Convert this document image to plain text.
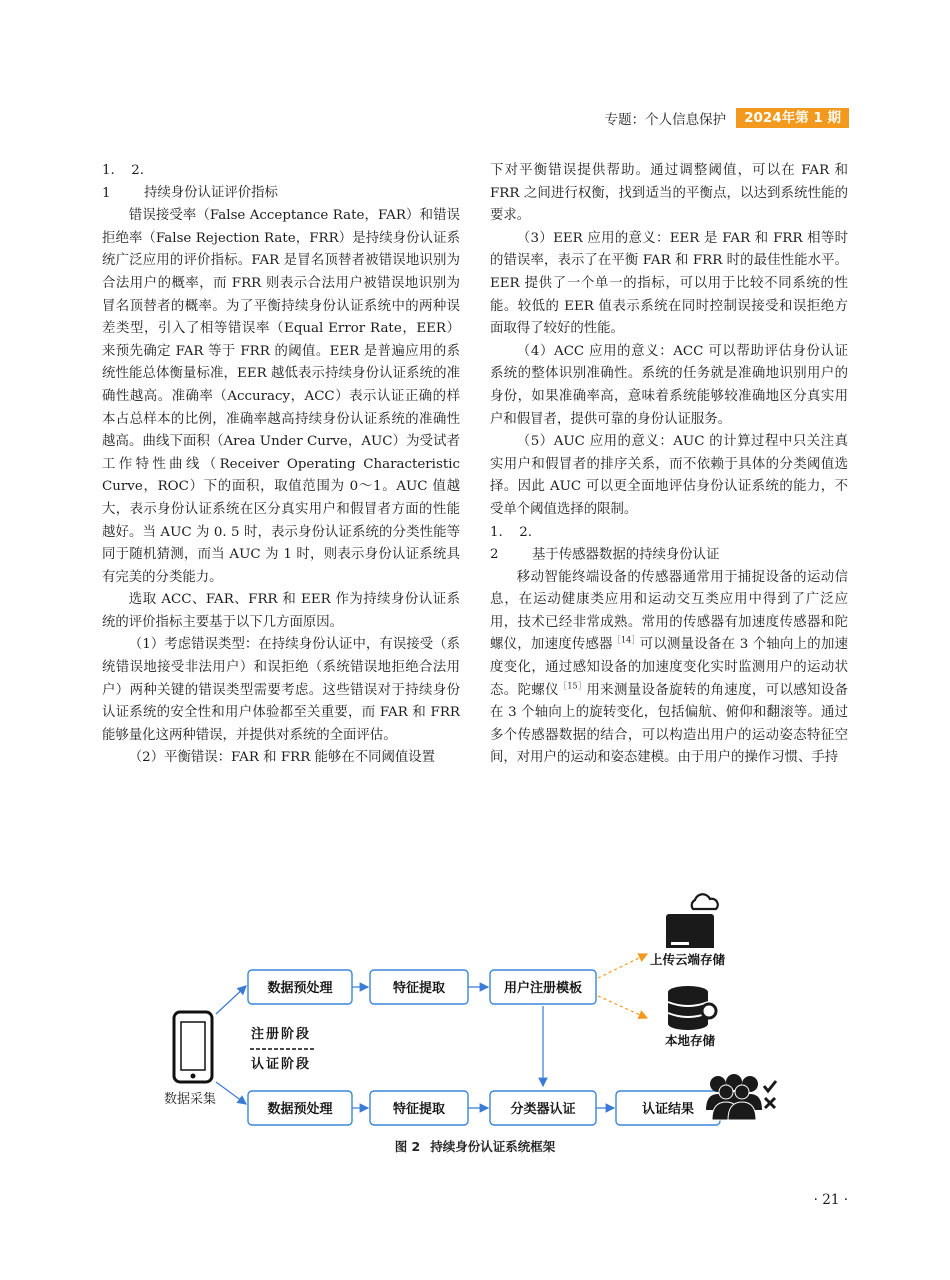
专题：个人信息保护	2024年第 1 期
1. 2. 1 持续身份认证评价指标

错误接受率（False Acceptance Rate，FAR）和错误拒绝率（False Rejection Rate，FRR）是持续身份认证系统广泛应用的评价指标。FAR 是冒名顶替者被错误地识别为合法用户的概率，而 FRR 则表示合法用户被错误地识别为冒名顶替者的概率。为了平衡持续身份认证系统中的两种误差类型，引入了相等错误率（Equal Error Rate，EER）来预先确定 FAR 等于 FRR 的阈值。EER 是普遍应用的系统性能总体衡量标准，EER 越低表示持续身份认证系统的准确性越高。准确率（Accuracy，ACC）表示认证正确的样本占总样本的比例，准确率越高持续身份认证系统的准确性越高。曲线下面积（Area Under Curve，AUC）为受试者工作特性曲线（Receiver Operating Characteristic Curve，ROC）下的面积，取值范围为 0～1。AUC 值越大，表示身份认证系统在区分真实用户和假冒者方面的性能越好。当 AUC 为 0. 5 时，表示身份认证系统的分类性能等同于随机猜测，而当 AUC 为 1 时，则表示身份认证系统具有完美的分类能力。

选取 ACC、FAR、FRR 和 EER 作为持续身份认证系统的评价指标主要基于以下几方面原因。

（1）考虑错误类型：在持续身份认证中，有误接受（系统错误地接受非法用户）和误拒绝（系统错误地拒绝合法用户）两种关键的错误类型需要考虑。这些错误对于持续身份认证系统的安全性和用户体验都至关重要，而 FAR 和 FRR 能够量化这两种错误，并提供对系统的全面评估。

（2）平衡错误：FAR 和 FRR 能够在不同阈值设置

下对平衡错误提供帮助。通过调整阈值，可以在 FAR 和 FRR 之间进行权衡，找到适当的平衡点，以达到系统性能的要求。

（3）EER 应用的意义：EER 是 FAR 和 FRR 相等时的错误率，表示了在平衡 FAR 和 FRR 时的最佳性能水平。EER 提供了一个单一的指标，可以用于比较不同系统的性能。较低的 EER 值表示系统在同时控制误接受和误拒绝方面取得了较好的性能。

（4）ACC 应用的意义：ACC 可以帮助评估身份认证系统的整体识别准确性。系统的任务就是准确地识别用户的身份，如果准确率高，意味着系统能够较准确地区分真实用户和假冒者，提供可靠的身份认证服务。

（5）AUC 应用的意义：AUC 的计算过程中只关注真实用户和假冒者的排序关系，而不依赖于具体的分类阈值选择。因此 AUC 可以更全面地评估身份认证系统的能力，不受单个阈值选择的限制。

1. 2. 2 基于传感器数据的持续身份认证

移动智能终端设备的传感器通常用于捕捉设备的运动信息，在运动健康类应用和运动交互类应用中得到了广泛应用，技术已经非常成熟。常用的传感器有加速度传感器和陀螺仪，加速度传感器$^{[14]}$可以测量设备在 3 个轴向上的加速度变化，通过感知设备的加速度变化实时监测用户的运动状态。陀螺仪$^{[15]}$用来测量设备旋转的角速度，可以感知设备在 3 个轴向上的旋转变化，包括偏航、俯仰和翻滚等。通过多个传感器数据的结合，可以构造出用户的运动姿态特征空间，对用户的运动和姿态建模。由于用户的操作习惯、手持

数据采集
数据预处理	特征提取	用户注册模板
注册阶段
认证阶段
上传云端存储
本地存储
数据预处理	特征提取	分类器认证	认证结果
图 2 持续身份认证系统框架
· 21 ·
